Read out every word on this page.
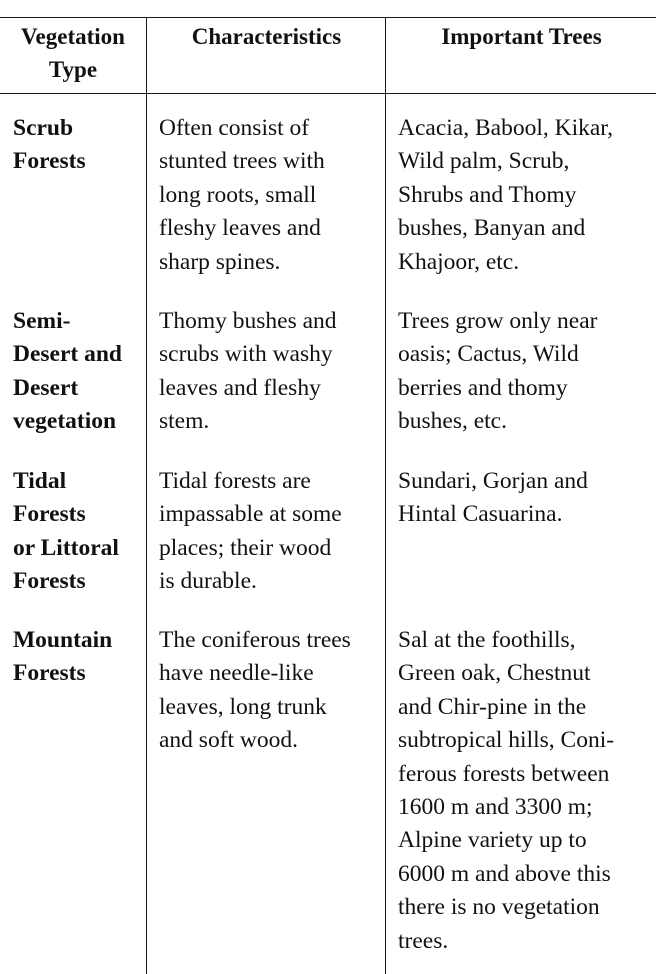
Vegetation
Type
Characteristics	Important Trees
Scrub
Forests
Often consist of
stunted trees with
long roots, small
fleshy leaves and
sharp spines.
Acacia, Babool, Kikar,
Wild palm, Scrub,
Shrubs and Thomy
bushes, Banyan and
Khajoor, etc.
Semi-
Desert and
Desert
vegetation
Thomy bushes and
scrubs with washy
leaves and fleshy
stem.
Trees grow only near
oasis; Cactus, Wild
berries and thomy
bushes, etc.
Tidal
Forests
or Littoral
Forests
Tidal forests are
impassable at some
places; their wood
is durable.
Sundari, Gorjan and
Hintal Casuarina.
Mountain
Forests
The coniferous trees
have needle-like
leaves, long trunk
and soft wood.
Sal at the foothills,
Green oak, Chestnut
and Chir-pine in the
subtropical hills, Coni-
ferous forests between
1600 m and 3300 m;
Alpine variety up to
6000 m and above this
there is no vegetation
trees.
